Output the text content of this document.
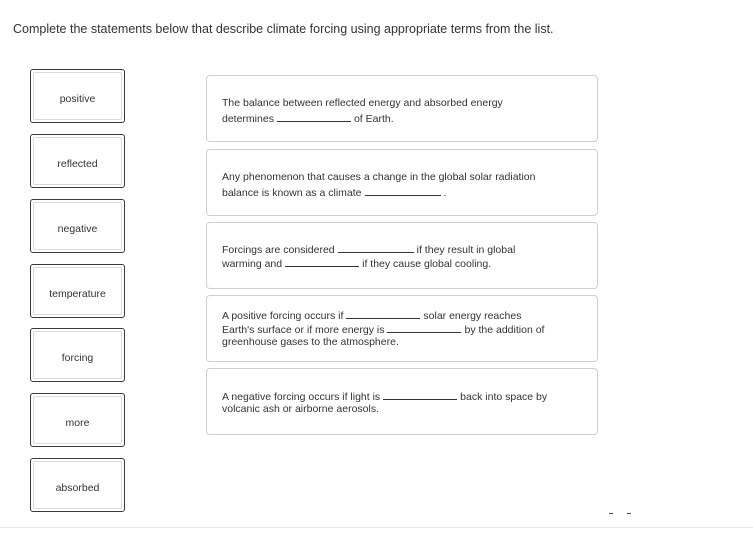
Complete the statements below that describe climate forcing using appropriate terms from the list.
positive
reflected
negative
temperature
forcing
more
absorbed
The balance between reflected energy and absorbed energy
determines	of Earth.
Any phenomenon that causes a change in the global solar radiation
balance is known as a climate	.
Forcings are considered	if they result in global
warming and	if they cause global cooling.
A positive forcing occurs if	solar energy reaches
Earth's surface or if more energy is	by the addition of
greenhouse gases to the atmosphere.
A negative forcing occurs if light is	back into space by
volcanic ash or airborne aerosols.
